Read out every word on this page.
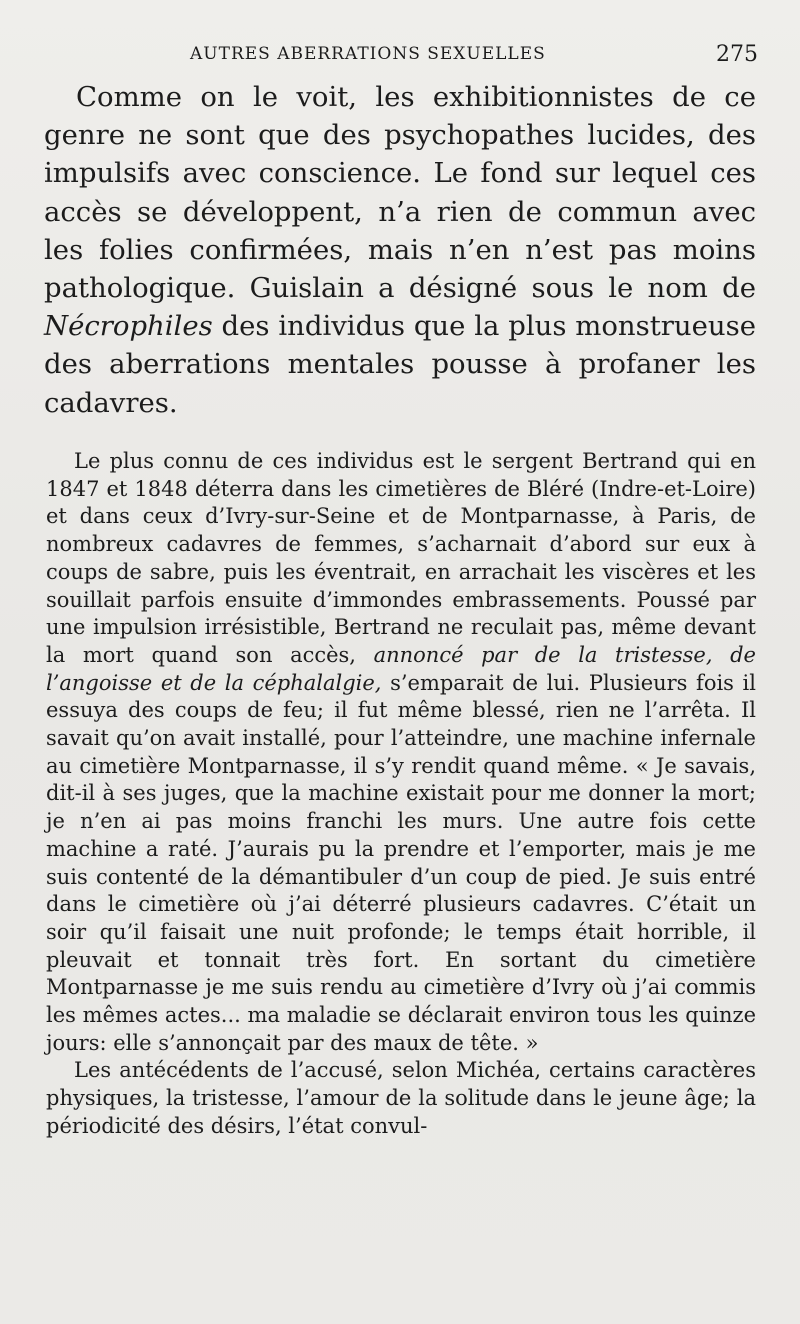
AUTRES ABERRATIONS SEXUELLES	275

Comme on le voit, les exhibitionnistes de ce genre ne sont que des psychopathes lucides, des impulsifs avec conscience. Le fond sur lequel ces accès se développent, n’a rien de commun avec les folies confirmées, mais n’en n’est pas moins pathologique. Guislain a désigné sous le nom de Nécrophiles des individus que la plus monstrueuse des aberrations mentales pousse à profaner les cadavres.

Le plus connu de ces individus est le sergent Bertrand qui en 1847 et 1848 déterra dans les cimetières de Bléré (Indre-et-Loire) et dans ceux d’Ivry-sur-Seine et de Montparnasse, à Paris, de nombreux cadavres de femmes, s’acharnait d’abord sur eux à coups de sabre, puis les éventrait, en arrachait les viscères et les souillait parfois ensuite d’immondes embrassements. Poussé par une impulsion irrésistible, Bertrand ne reculait pas, même devant la mort quand son accès, annoncé par de la tristesse, de l’angoisse et de la céphalalgie, s’emparait de lui. Plusieurs fois il essuya des coups de feu; il fut même blessé, rien ne l’arrêta. Il savait qu’on avait installé, pour l’atteindre, une machine infernale au cimetière Montparnasse, il s’y rendit quand même. « Je savais, dit-il à ses juges, que la machine existait pour me donner la mort; je n’en ai pas moins franchi les murs. Une autre fois cette machine a raté. J’aurais pu la prendre et l’emporter, mais je me suis contenté de la démantibuler d’un coup de pied. Je suis entré dans le cimetière où j’ai déterré plusieurs cadavres. C’était un soir qu’il faisait une nuit profonde; le temps était horrible, il pleuvait et tonnait très fort. En sortant du cimetière Montparnasse je me suis rendu au cimetière d’Ivry où j’ai commis les mêmes actes... ma maladie se déclarait environ tous les quinze jours: elle s’annonçait par des maux de tête. »

Les antécédents de l’accusé, selon Michéa, certains caractères physiques, la tristesse, l’amour de la solitude dans le jeune âge; la périodicité des désirs, l’état convul-
